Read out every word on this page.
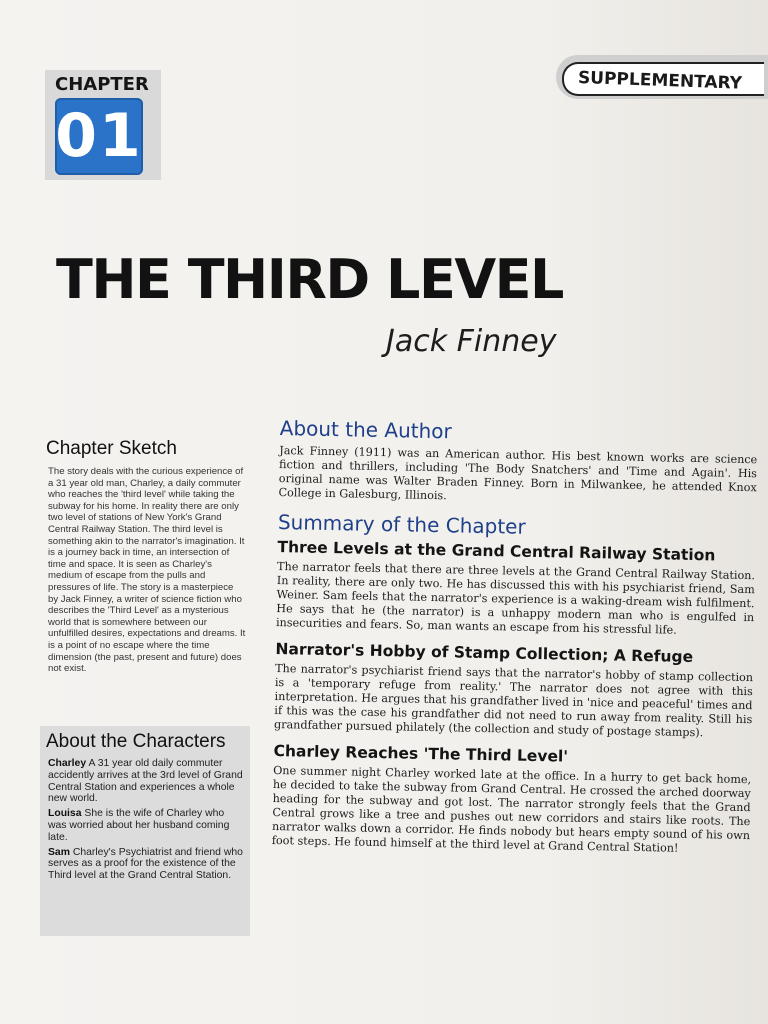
CHAPTER
01
SUPPLEMENTARY
THE THIRD LEVEL
Jack Finney
Chapter Sketch
The story deals with the curious experience of a 31 year old man, Charley, a daily commuter who reaches the 'third level' while taking the subway for his home. In reality there are only two level of stations of New York's Grand Central Railway Station. The third level is something akin to the narrator's imagination. It is a journey back in time, an intersection of time and space. It is seen as Charley's medium of escape from the pulls and pressures of life. The story is a masterpiece by Jack Finney, a writer of science fiction who describes the 'Third Level' as a mysterious world that is somewhere between our unfulfilled desires, expectations and dreams. It is a point of no escape where the time dimension (the past, present and future) does not exist.
About the Characters
Charley A 31 year old daily commuter accidently arrives at the 3rd level of Grand Central Station and experiences a whole new world.
Louisa She is the wife of Charley who was worried about her husband coming late.
Sam Charley's Psychiatrist and friend who serves as a proof for the existence of the Third level at the Grand Central Station.
About the Author
Jack Finney (1911) was an American author. His best known works are science fiction and thrillers, including 'The Body Snatchers' and 'Time and Again'. His original name was Walter Braden Finney. Born in Milwankee, he attended Knox College in Galesburg, Illinois.
Summary of the Chapter
Three Levels at the Grand Central Railway Station
The narrator feels that there are three levels at the Grand Central Railway Station. In reality, there are only two. He has discussed this with his psychiarist friend, Sam Weiner. Sam feels that the narrator's experience is a waking-dream wish fulfilment. He says that he (the narrator) is a unhappy modern man who is engulfed in insecurities and fears. So, man wants an escape from his stressful life.
Narrator's Hobby of Stamp Collection; A Refuge
The narrator's psychiarist friend says that the narrator's hobby of stamp collection is a 'temporary refuge from reality.' The narrator does not agree with this interpretation. He argues that his grandfather lived in 'nice and peaceful' times and if this was the case his grandfather did not need to run away from reality. Still his grandfather pursued philately (the collection and study of postage stamps).
Charley Reaches 'The Third Level'
One summer night Charley worked late at the office. In a hurry to get back home, he decided to take the subway from Grand Central. He crossed the arched doorway heading for the subway and got lost. The narrator strongly feels that the Grand Central grows like a tree and pushes out new corridors and stairs like roots. The narrator walks down a corridor. He finds nobody but hears empty sound of his own foot steps. He found himself at the third level at Grand Central Station!
